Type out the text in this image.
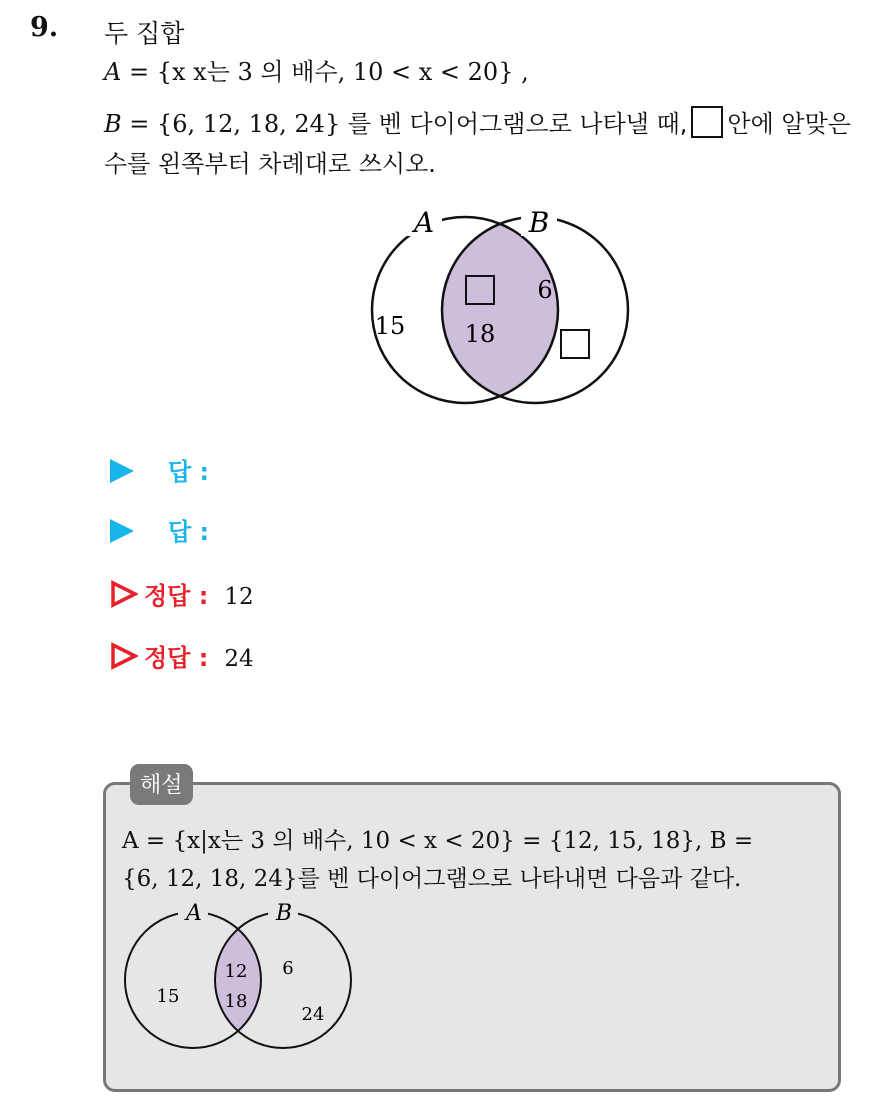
9. 두 집합
A = {x x는 3 의 배수, 10 < x < 20} ,
B = {6, 12, 18, 24} 를 벤 다이어그램으로 나타낼 때, 안에 알맞은
수를 왼쪽부터 차례대로 쓰시오.
A	B
15 18
6
답 :
답 :
정답 : 12
정답 : 24
해설
A = {x|x는 3 의 배수, 10 < x < 20} = {12, 15, 18}, B =
{6, 12, 18, 24}를 벤 다이어그램으로 나타내면 다음과 같다.
A	B
15
12
18
6
24
